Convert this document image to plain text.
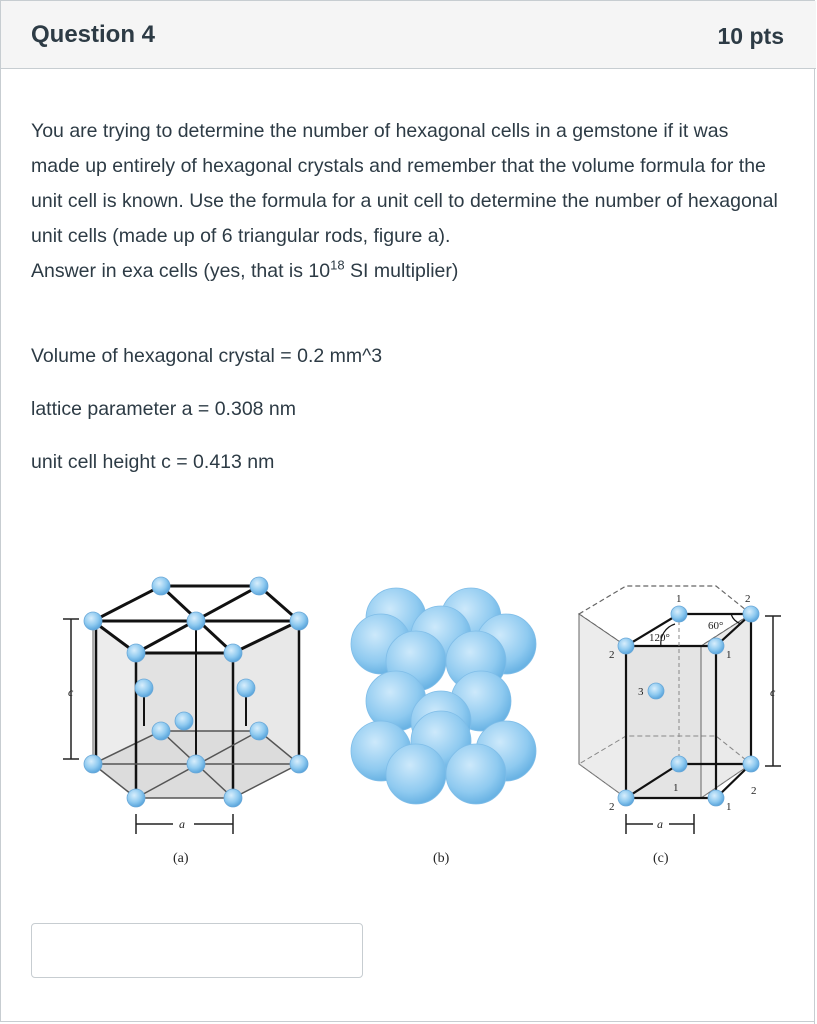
Question 4	10 pts
You are trying to determine the number of hexagonal cells in a gemstone if it was made up entirely of hexagonal crystals and remember that the volume formula for the unit cell is known. Use the formula for a unit cell to determine the number of hexagonal unit cells (made up of 6 triangular rods, figure a).
Answer in exa cells (yes, that is $10^{18}$ SI multiplier)
Volume of hexagonal crystal = 0.2 mm^3
lattice parameter a = 0.308 nm
unit cell height c = 0.413 nm
c
a
120°
60°
1	2
2	1
3
1	2
2	1
c
a
(a)	(b)	(c)
